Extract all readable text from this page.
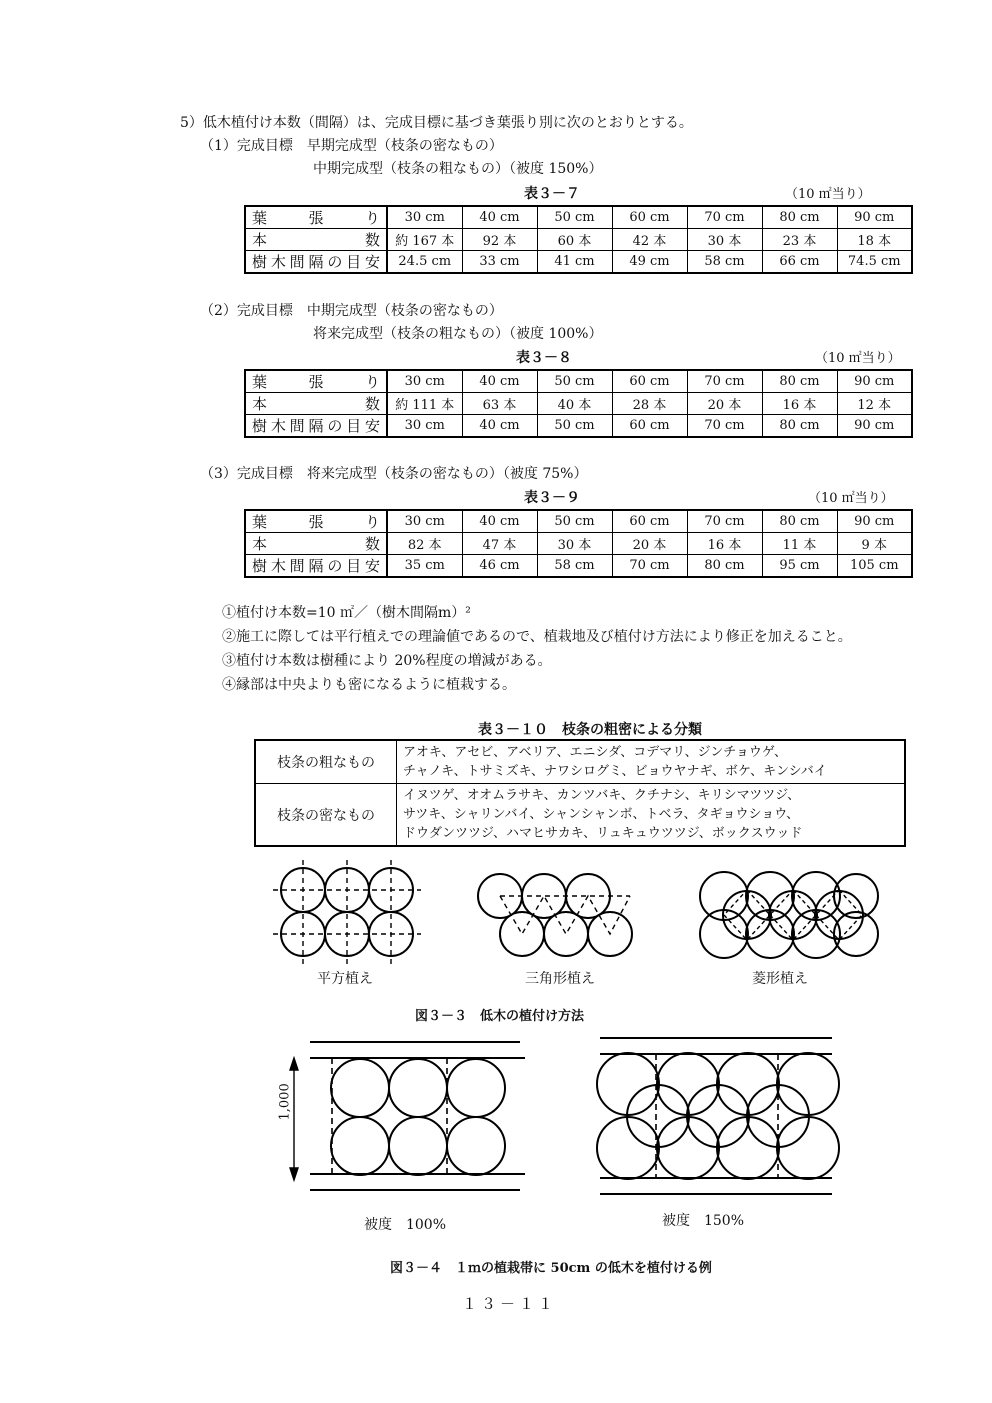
5）低木植付け本数（間隔）は、完成目標に基づき葉張り別に次のとおりとする。
（1）完成目標　早期完成型（枝条の密なもの）
中期完成型（枝条の粗なもの）（被度 150%）
表３－７	（10 ㎡当り）
葉張り	30 cm	40 cm	50 cm	60 cm	70 cm	80 cm	90 cm
本数	約 167 本	92 本	60 本	42 本	30 本	23 本	18 本
樹木間隔の目安	24.5 cm	33 cm	41 cm	49 cm	58 cm	66 cm	74.5 cm
（2）完成目標　中期完成型（枝条の密なもの）
将来完成型（枝条の粗なもの）（被度 100%）
表３－８	（10 ㎡当り）
葉張り	30 cm	40 cm	50 cm	60 cm	70 cm	80 cm	90 cm
本数	約 111 本	63 本	40 本	28 本	20 本	16 本	12 本
樹木間隔の目安	30 cm	40 cm	50 cm	60 cm	70 cm	80 cm	90 cm
（3）完成目標　将来完成型（枝条の密なもの）（被度 75%）
表３－９	（10 ㎡当り）
葉張り	30 cm	40 cm	50 cm	60 cm	70 cm	80 cm	90 cm
本数	82 本	47 本	30 本	20 本	16 本	11 本	9 本
樹木間隔の目安	35 cm	46 cm	58 cm	70 cm	80 cm	95 cm	105 cm
①植付け本数=10 ㎡／（樹木間隔m）²
②施工に際しては平行植えでの理論値であるので、植栽地及び植付け方法により修正を加えること。
③植付け本数は樹種により 20%程度の増減がある。
④縁部は中央よりも密になるように植栽する。
表３－１０　枝条の粗密による分類
枝条の粗なもの	アオキ、アセビ、アベリア、エニシダ、コデマリ、ジンチョウゲ、
チャノキ、トサミズキ、ナワシログミ、ビョウヤナギ、ボケ、キンシバイ

枝条の密なもの	イヌツゲ、オオムラサキ、カンツバキ、クチナシ、キリシマツツジ、
サツキ、シャリンバイ、シャンシャンボ、トベラ、タギョウショウ、
ドウダンツツジ、ハマヒサカキ、リュキュウツツジ、ボックスウッド
平方植え	三角形植え	菱形植え
図３－３　低木の植付け方法
1,000
被度　100%	被度　150%
図３－４　１ｍの植栽帯に 50cm の低木を植付ける例
１３－１１
